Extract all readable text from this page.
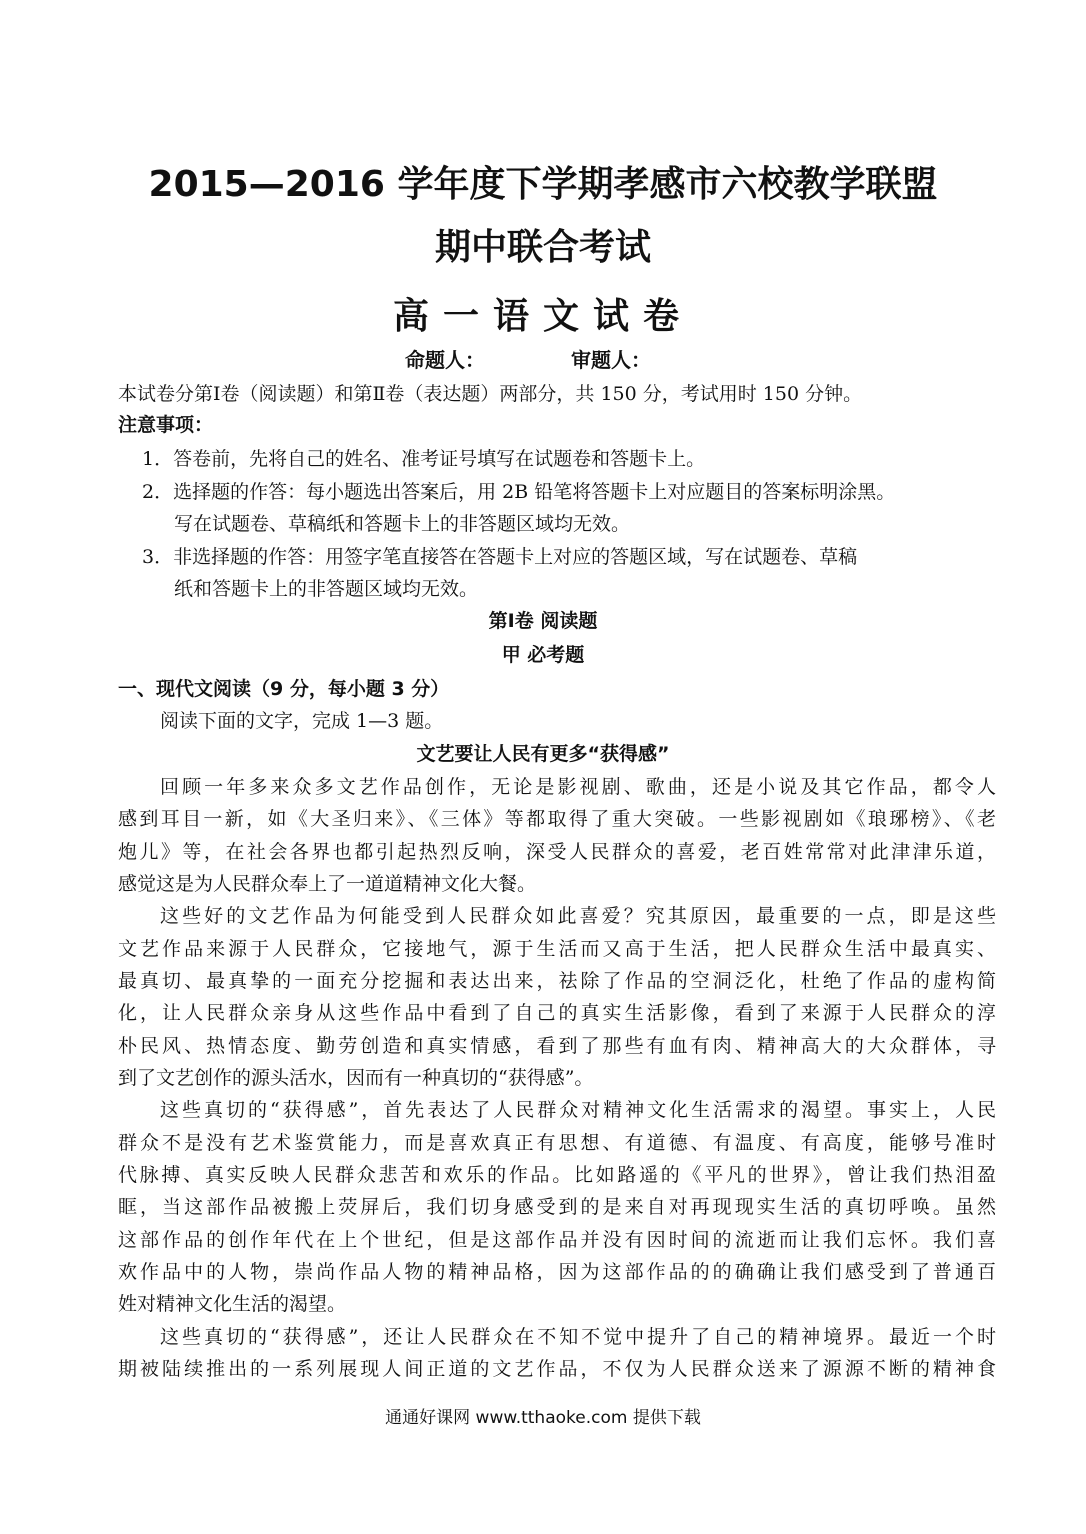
2015—2016 学年度下学期孝感市六校教学联盟
期中联合考试
高一语文试卷
命题人：	审题人：
本试卷分第Ⅰ卷（阅读题）和第Ⅱ卷（表达题）两部分，共 150 分，考试用时 150 分钟。
注意事项：
1．答卷前，先将自己的姓名、准考证号填写在试题卷和答题卡上。
2．选择题的作答：每小题选出答案后，用 2B 铅笔将答题卡上对应题目的答案标明涂黑。
写在试题卷、草稿纸和答题卡上的非答题区域均无效。
3．非选择题的作答：用签字笔直接答在答题卡上对应的答题区域，写在试题卷、草稿
纸和答题卡上的非答题区域均无效。
第Ⅰ卷 阅读题
甲 必考题
一、现代文阅读（9 分，每小题 3 分）
阅读下面的文字，完成 1—3 题。
文艺要让人民有更多“获得感”
回顾一年多来众多文艺作品创作，无论是影视剧、歌曲，还是小说及其它作品，都令人
感到耳目一新，如《大圣归来》、《三体》等都取得了重大突破。一些影视剧如《琅琊榜》、《老
炮儿》等，在社会各界也都引起热烈反响，深受人民群众的喜爱，老百姓常常对此津津乐道，
感觉这是为人民群众奉上了一道道精神文化大餐。
这些好的文艺作品为何能受到人民群众如此喜爱？究其原因，最重要的一点，即是这些
文艺作品来源于人民群众，它接地气，源于生活而又高于生活，把人民群众生活中最真实、
最真切、最真挚的一面充分挖掘和表达出来，祛除了作品的空洞泛化，杜绝了作品的虚构简
化，让人民群众亲身从这些作品中看到了自己的真实生活影像，看到了来源于人民群众的淳
朴民风、热情态度、勤劳创造和真实情感，看到了那些有血有肉、精神高大的大众群体，寻
到了文艺创作的源头活水，因而有一种真切的“获得感”。
这些真切的“获得感”，首先表达了人民群众对精神文化生活需求的渴望。事实上，人民
群众不是没有艺术鉴赏能力，而是喜欢真正有思想、有道德、有温度、有高度，能够号准时
代脉搏、真实反映人民群众悲苦和欢乐的作品。比如路遥的《平凡的世界》，曾让我们热泪盈
眶，当这部作品被搬上荧屏后，我们切身感受到的是来自对再现现实生活的真切呼唤。虽然
这部作品的创作年代在上个世纪，但是这部作品并没有因时间的流逝而让我们忘怀。我们喜
欢作品中的人物，崇尚作品人物的精神品格，因为这部作品的的确确让我们感受到了普通百
姓对精神文化生活的渴望。
这些真切的“获得感”，还让人民群众在不知不觉中提升了自己的精神境界。最近一个时
期被陆续推出的一系列展现人间正道的文艺作品，不仅为人民群众送来了源源不断的精神食
通通好课网 www.tthaoke.com 提供下载
